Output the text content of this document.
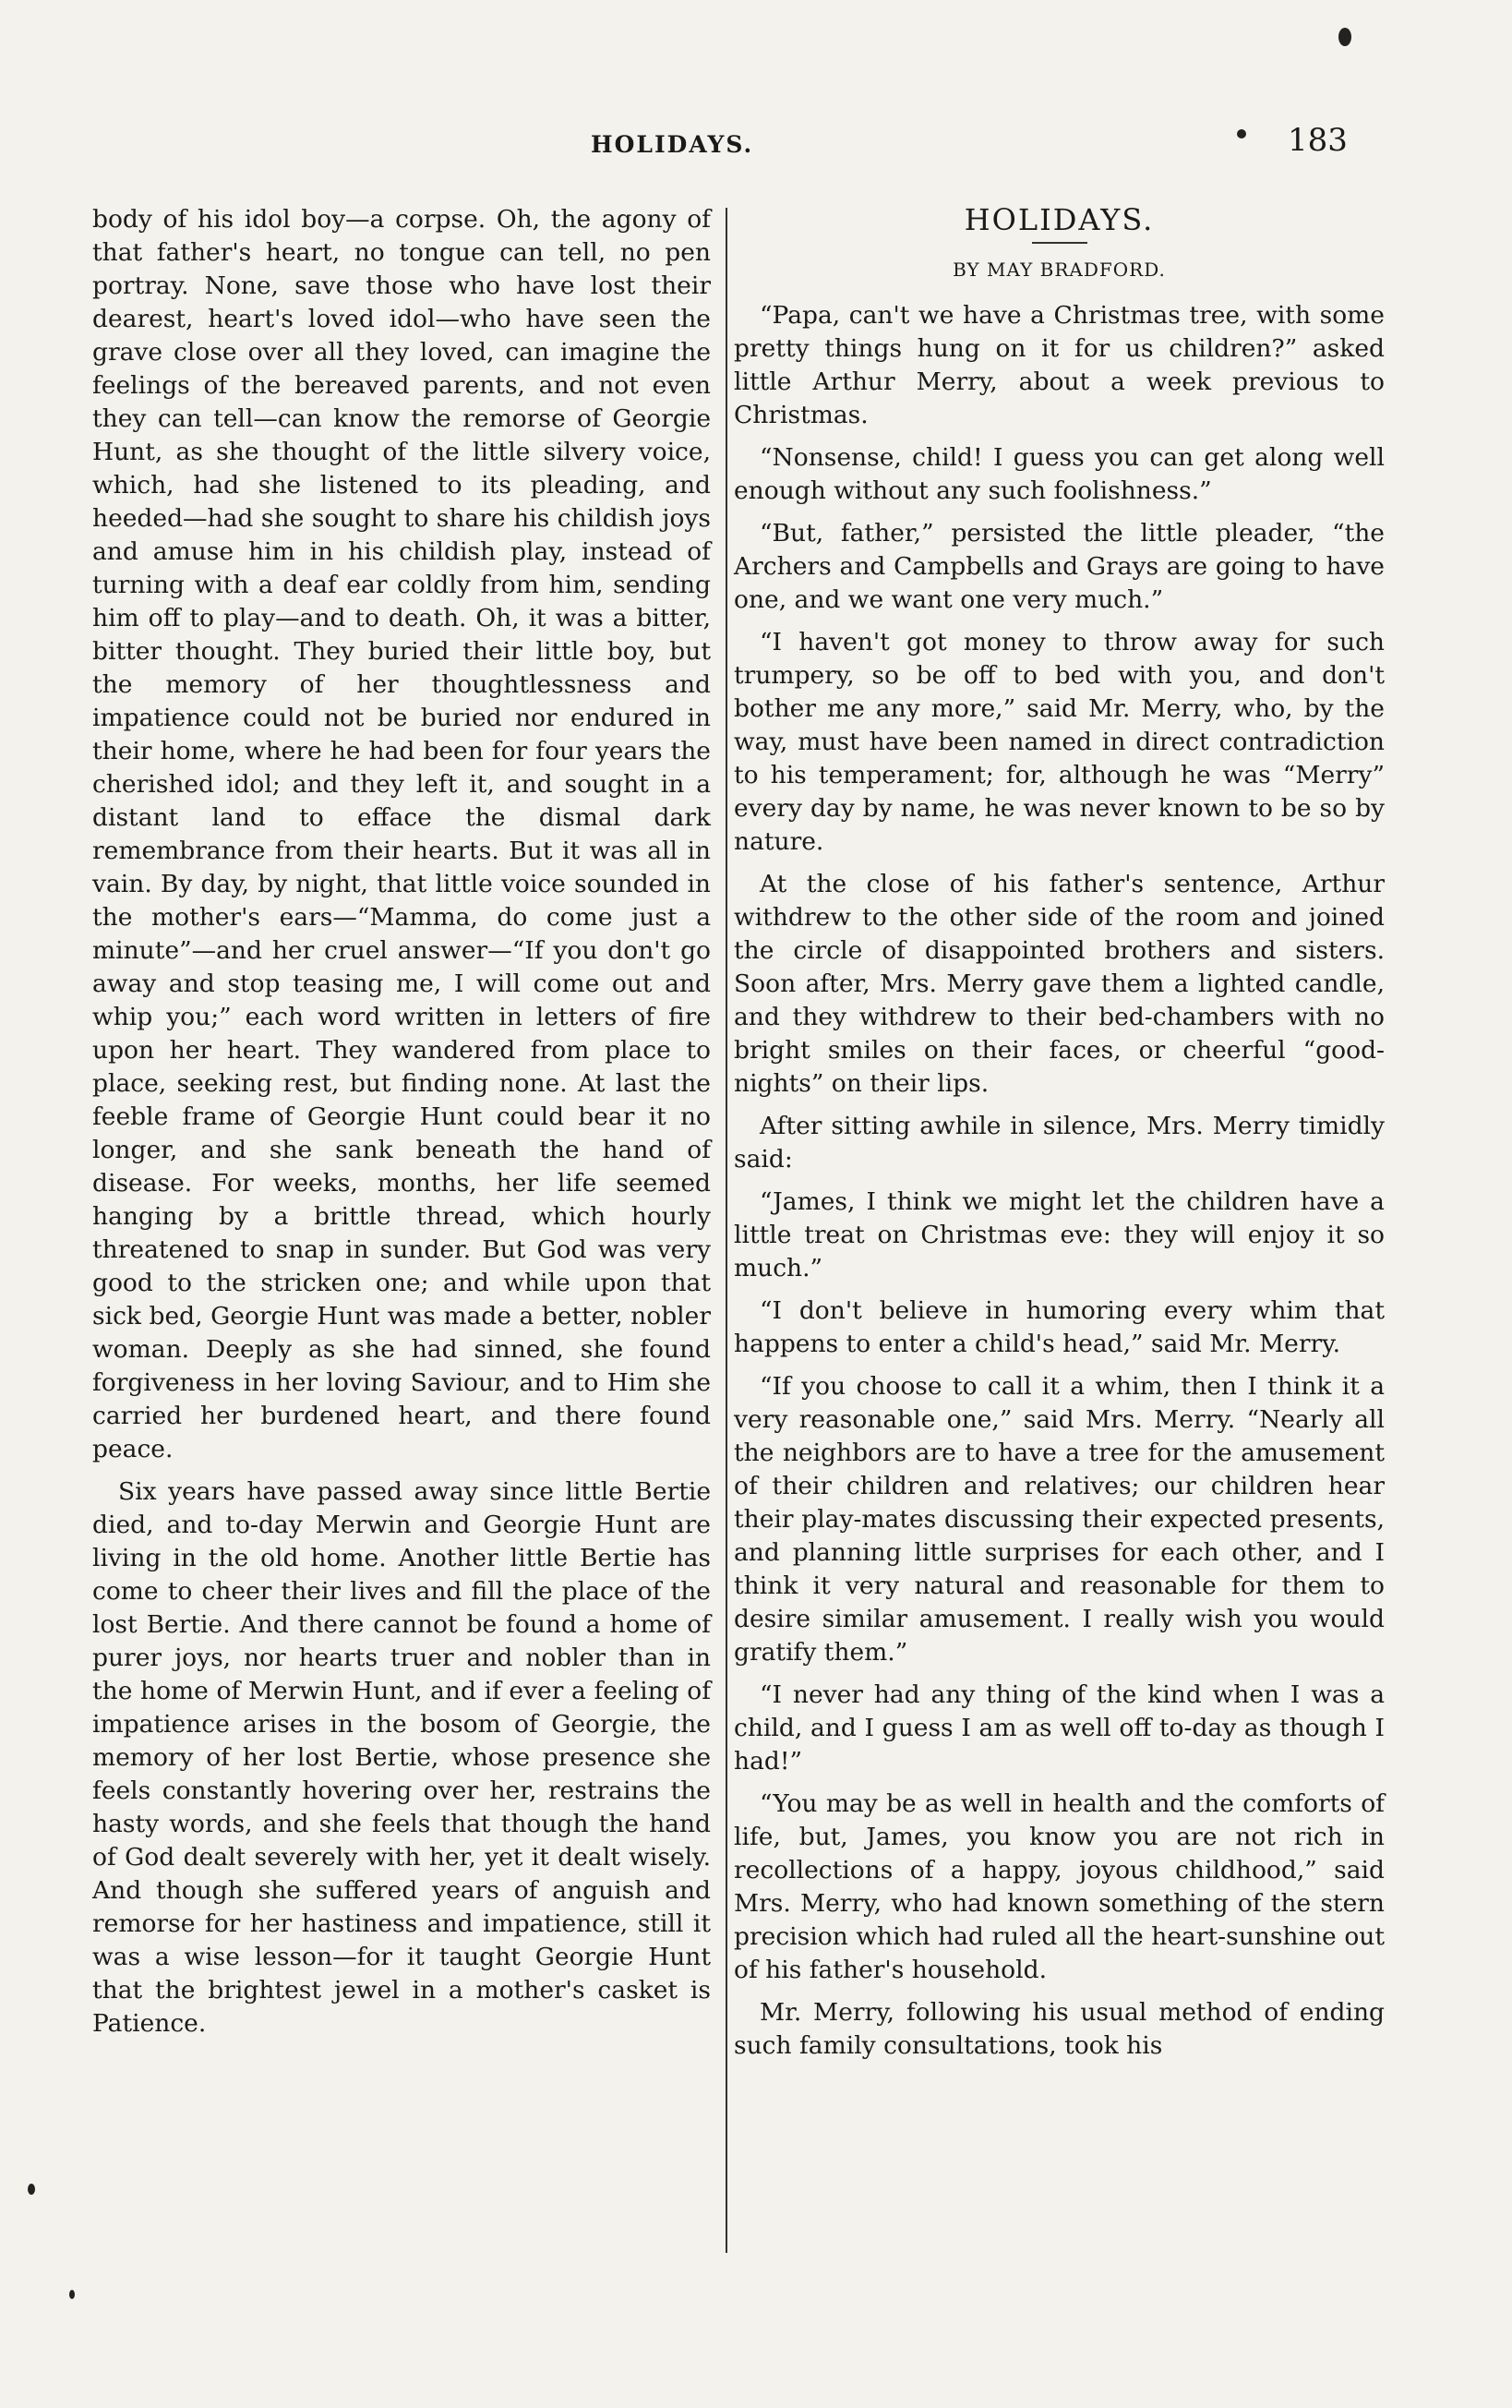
HOLIDAYS.	183

body of his idol boy—a corpse. Oh, the agony of that father's heart, no tongue can tell, no pen portray. None, save those who have lost their dearest, heart's loved idol—who have seen the grave close over all they loved, can imagine the feelings of the bereaved parents, and not even they can tell—can know the remorse of Georgie Hunt, as she thought of the little silvery voice, which, had she listened to its pleading, and heeded—had she sought to share his childish joys and amuse him in his childish play, instead of turning with a deaf ear coldly from him, sending him off to play—and to death. Oh, it was a bitter, bitter thought. They buried their little boy, but the memory of her thoughtlessness and impatience could not be buried nor endured in their home, where he had been for four years the cherished idol; and they left it, and sought in a distant land to efface the dismal dark remembrance from their hearts. But it was all in vain. By day, by night, that little voice sounded in the mother's ears—“Mamma, do come just a minute”—and her cruel answer—“If you don't go away and stop teasing me, I will come out and whip you;” each word written in letters of fire upon her heart. They wandered from place to place, seeking rest, but finding none. At last the feeble frame of Georgie Hunt could bear it no longer, and she sank beneath the hand of disease. For weeks, months, her life seemed hanging by a brittle thread, which hourly threatened to snap in sunder. But God was very good to the stricken one; and while upon that sick bed, Georgie Hunt was made a better, nobler woman. Deeply as she had sinned, she found forgiveness in her loving Saviour, and to Him she carried her burdened heart, and there found peace.

Six years have passed away since little Bertie died, and to-day Merwin and Georgie Hunt are living in the old home. Another little Bertie has come to cheer their lives and fill the place of the lost Bertie. And there cannot be found a home of purer joys, nor hearts truer and nobler than in the home of Merwin Hunt, and if ever a feeling of impatience arises in the bosom of Georgie, the memory of her lost Bertie, whose presence she feels constantly hovering over her, restrains the hasty words, and she feels that though the hand of God dealt severely with her, yet it dealt wisely. And though she suffered years of anguish and remorse for her hastiness and impatience, still it was a wise lesson—for it taught Georgie Hunt that the brightest jewel in a mother's casket is Patience.

HOLIDAYS.
BY MAY BRADFORD.

“Papa, can't we have a Christmas tree, with some pretty things hung on it for us children?” asked little Arthur Merry, about a week previous to Christmas.

“Nonsense, child! I guess you can get along well enough without any such foolishness.”

“But, father,” persisted the little pleader, “the Archers and Campbells and Grays are going to have one, and we want one very much.”

“I haven't got money to throw away for such trumpery, so be off to bed with you, and don't bother me any more,” said Mr. Merry, who, by the way, must have been named in direct contradiction to his temperament; for, although he was “Merry” every day by name, he was never known to be so by nature.

At the close of his father's sentence, Arthur withdrew to the other side of the room and joined the circle of disappointed brothers and sisters. Soon after, Mrs. Merry gave them a lighted candle, and they withdrew to their bed-chambers with no bright smiles on their faces, or cheerful “good-nights” on their lips.

After sitting awhile in silence, Mrs. Merry timidly said:

“James, I think we might let the children have a little treat on Christmas eve: they will enjoy it so much.”

“I don't believe in humoring every whim that happens to enter a child's head,” said Mr. Merry.

“If you choose to call it a whim, then I think it a very reasonable one,” said Mrs. Merry. “Nearly all the neighbors are to have a tree for the amusement of their children and relatives; our children hear their play-mates discussing their expected presents, and planning little surprises for each other, and I think it very natural and reasonable for them to desire similar amusement. I really wish you would gratify them.”

“I never had any thing of the kind when I was a child, and I guess I am as well off to-day as though I had!”

“You may be as well in health and the comforts of life, but, James, you know you are not rich in recollections of a happy, joyous childhood,” said Mrs. Merry, who had known something of the stern precision which had ruled all the heart-sunshine out of his father's household.

Mr. Merry, following his usual method of ending such family consultations, took his
